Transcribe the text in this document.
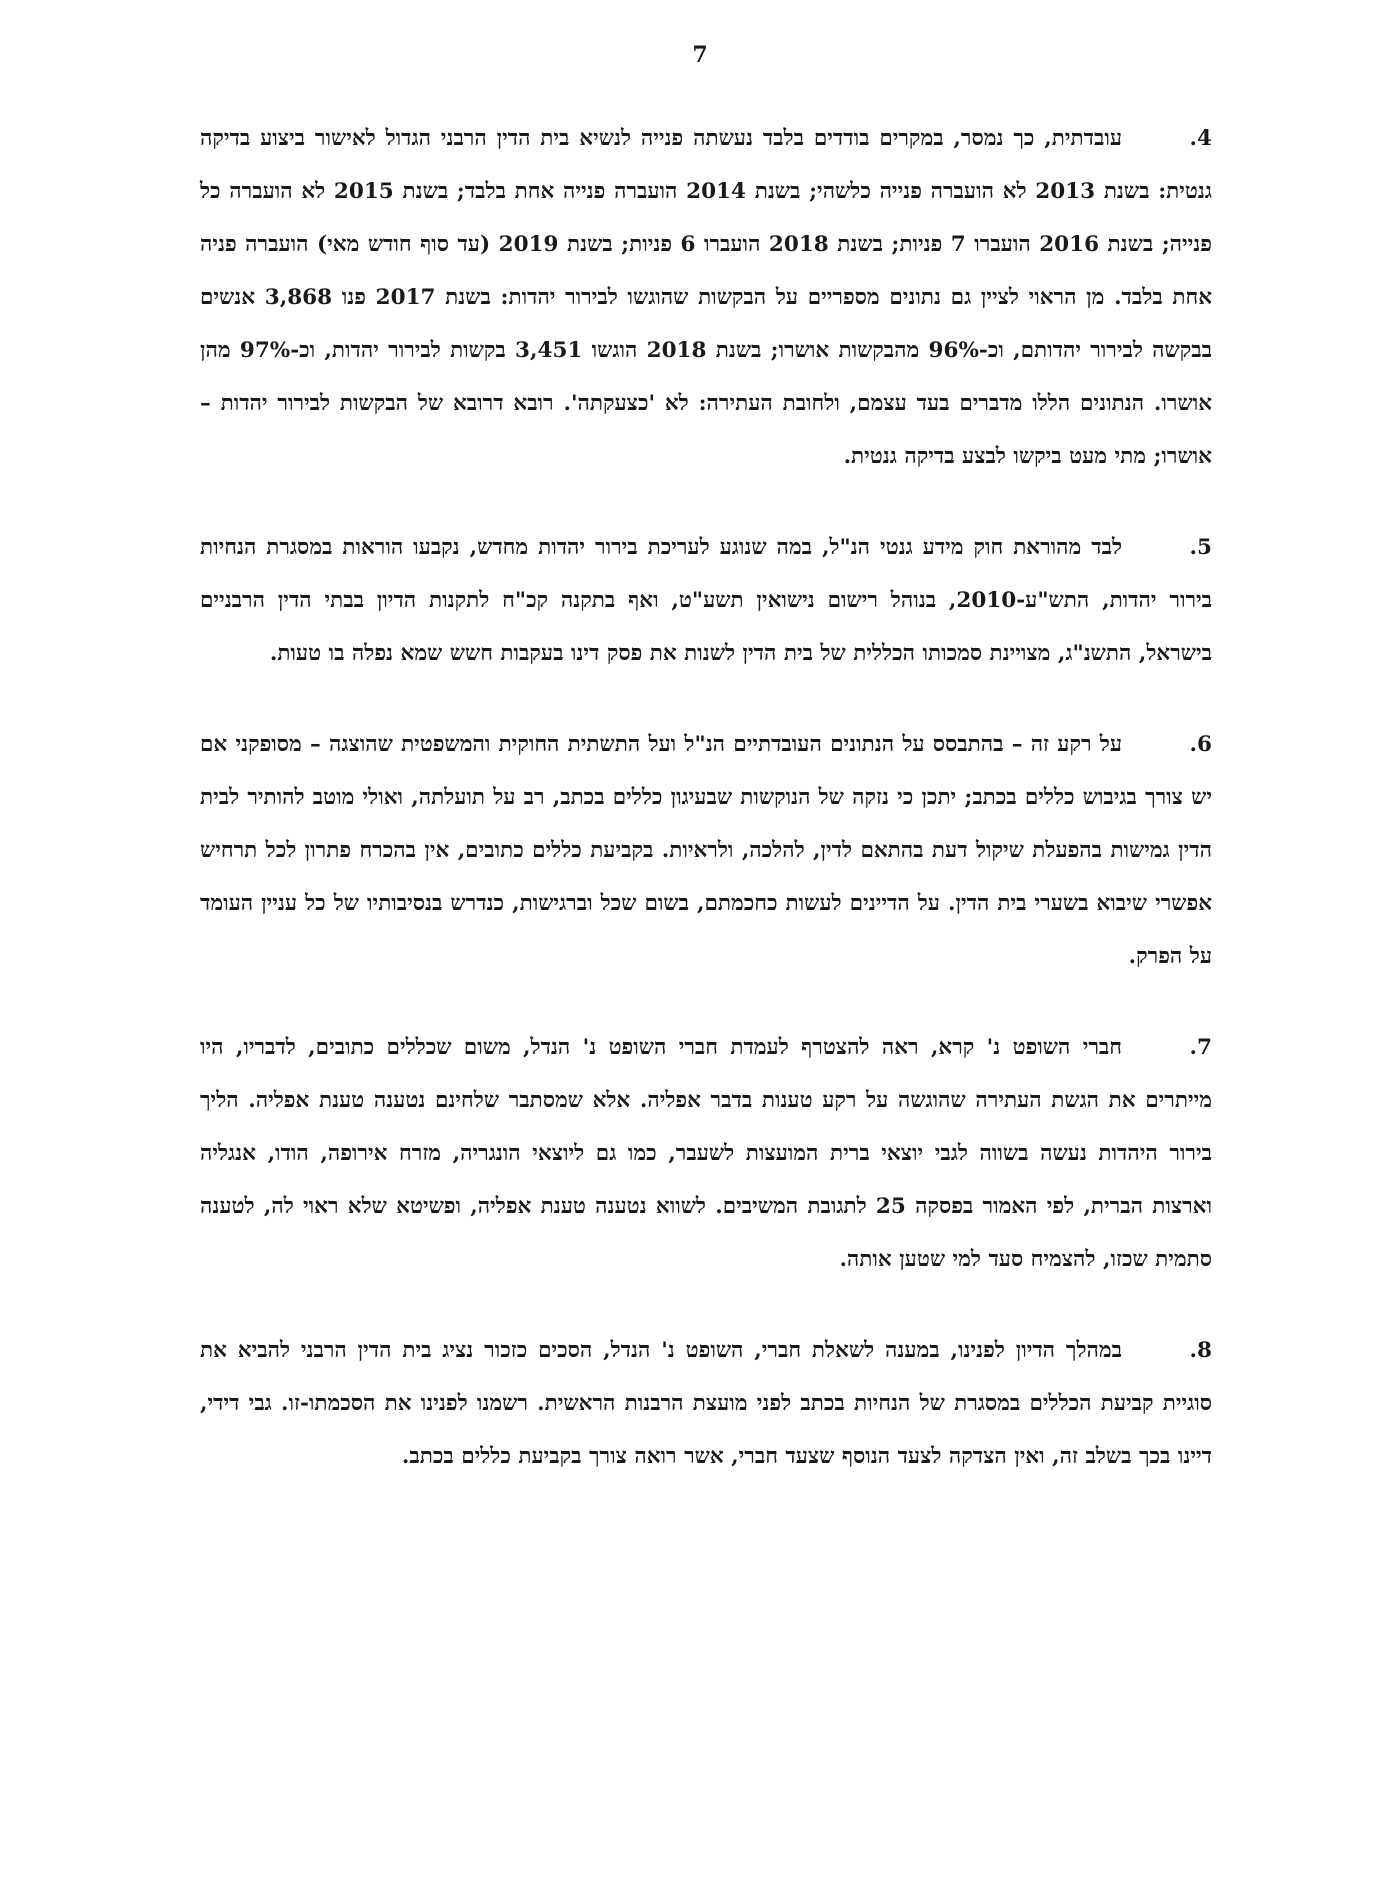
7

4.
עובדתית, כך נמסר, במקרים בודדים בלבד נעשתה פנייה לנשיא בית הדין הרבני הגדול לאישור ביצוע בדיקה גנטית: בשנת 2013 לא הועברה פנייה כלשהי; בשנת 2014 הועברה פנייה אחת בלבד; בשנת 2015 לא הועברה כל פנייה; בשנת 2016 הועברו 7 פניות; בשנת 2018 הועברו 6 פניות; בשנת 2019 (עד סוף חודש מאי) הועברה פניה אחת בלבד. מן הראוי לציין גם נתונים מספריים על הבקשות שהוגשו לבירור יהדות: בשנת 2017 פנו 3,868 אנשים בבקשה לבירור יהדותם, וכ-96% מהבקשות אושרו; בשנת 2018 הוגשו 3,451 בקשות לבירור יהדות, וכ-97% מהן אושרו. הנתונים הללו מדברים בעד עצמם, ולחובת העתירה: לא 'כצעקתה'. רובא דרובא של הבקשות לבירור יהדות – אושרו; מתי מעט ביקשו לבצע בדיקה גנטית.

5.
לבד מהוראת חוק מידע גנטי הנ"ל, במה שנוגע לעריכת בירור יהדות מחדש, נקבעו הוראות במסגרת הנחיות בירור יהדות, התש"ע-2010, בנוהל רישום נישואין תשע"ט, ואף בתקנה קכ"ח לתקנות הדיון בבתי הדין הרבניים בישראל, התשנ"ג, מצויינת סמכותו הכללית של בית הדין לשנות את פסק דינו בעקבות חשש שמא נפלה בו טעות.

6.
על רקע זה – בהתבסס על הנתונים העובדתיים הנ"ל ועל התשתית החוקית והמשפטית שהוצגה – מסופקני אם יש צורך בגיבוש כללים בכתב; יתכן כי נזקה של הנוקשות שבעיגון כללים בכתב, רב על תועלתה, ואולי מוטב להותיר לבית הדין גמישות בהפעלת שיקול דעת בהתאם לדין, להלכה, ולראיות. בקביעת כללים כתובים, אין בהכרח פתרון לכל תרחיש אפשרי שיבוא בשערי בית הדין. על הדיינים לעשות כחכמתם, בשום שכל וברגישות, כנדרש בנסיבותיו של כל עניין העומד על הפרק.

7.
חברי השופט נ' קרא, ראה להצטרף לעמדת חברי השופט נ' הנדל, משום שכללים כתובים, לדבריו, היו מייתרים את הגשת העתירה שהוגשה על רקע טענות בדבר אפליה. אלא שמסתבר שלחינם נטענה טענת אפליה. הליך בירור היהדות נעשה בשווה לגבי יוצאי ברית המועצות לשעבר, כמו גם ליוצאי הונגריה, מזרח אירופה, הודו, אנגליה וארצות הברית, לפי האמור בפסקה 25 לתגובת המשיבים. לשווא נטענה טענת אפליה, ופשיטא שלא ראוי לה, לטענה סתמית שכזו, להצמיח סעד למי שטען אותה.

8.
במהלך הדיון לפנינו, במענה לשאלת חברי, השופט נ' הנדל, הסכים כזכור נציג בית הדין הרבני להביא את סוגיית קביעת הכללים במסגרת של הנחיות בכתב לפני מועצת הרבנות הראשית. רשמנו לפנינו את הסכמתו-זו. גבי דידי, דיינו בכך בשלב זה, ואין הצדקה לצעד הנוסף שצעד חברי, אשר רואה צורך בקביעת כללים בכתב.
